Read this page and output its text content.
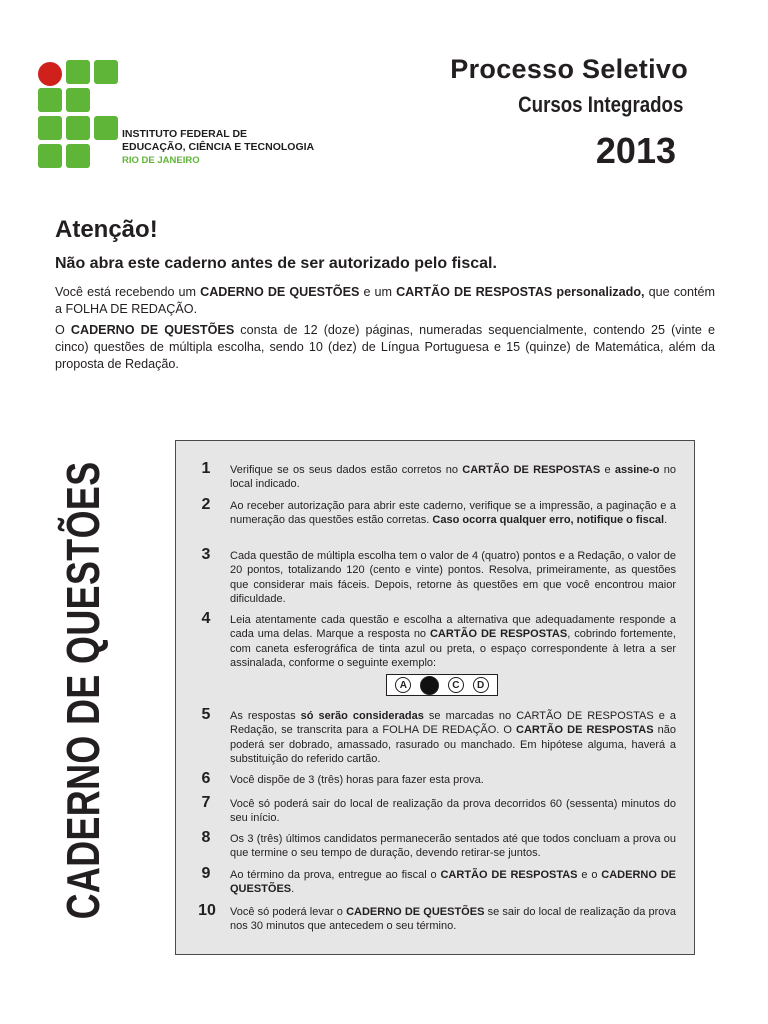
INSTITUTO FEDERAL DE
EDUCAÇÃO, CIÊNCIA E TECNOLOGIA
RIO DE JANEIRO
Processo Seletivo
Cursos Integrados
2013
Atenção!
Não abra este caderno antes de ser autorizado pelo fiscal.
Você está recebendo um CADERNO DE QUESTÕES e um CARTÃO DE RESPOSTAS personalizado, que contém a FOLHA DE REDAÇÃO.
O CADERNO DE QUESTÕES consta de 12 (doze) páginas, numeradas sequencialmente, contendo 25 (vinte e cinco) questões de múltipla escolha, sendo 10 (dez) de Língua Portuguesa e 15 (quinze) de Matemática, além da proposta de Redação.
CADERNO DE QUESTÕES	1	Verifique se os seus dados estão corretos no CARTÃO DE RESPOSTAS e assine-o no local indicado.
2	Ao receber autorização para abrir este caderno, verifique se a impressão, a paginação e a numeração das questões estão corretas. Caso ocorra qualquer erro, notifique o fiscal.
3	Cada questão de múltipla escolha tem o valor de 4 (quatro) pontos e a Redação, o valor de 20 pontos, totalizando 120 (cento e vinte) pontos. Resolva, primeiramente, as questões que considerar mais fáceis. Depois, retorne às questões em que você encontrou maior dificuldade.
4	Leia atentamente cada questão e escolha a alternativa que adequadamente responde a cada uma delas. Marque a resposta no CARTÃO DE RESPOSTAS, cobrindo fortemente, com caneta esferográfica de tinta azul ou preta, o espaço correspondente à letra a ser assinalada, conforme o seguinte exemplo:
A	C	D
5	As respostas só serão consideradas se marcadas no CARTÃO DE RESPOSTAS e a Redação, se transcrita para a FOLHA DE REDAÇÃO. O CARTÃO DE RESPOSTAS não poderá ser dobrado, amassado, rasurado ou manchado. Em hipótese alguma, haverá a substituição do referido cartão.
6	Você dispõe de 3 (três) horas para fazer esta prova.
7	Você só poderá sair do local de realização da prova decorridos 60 (sessenta) minutos do seu início.
8	Os 3 (três) últimos candidatos permanecerão sentados até que todos concluam a prova ou que termine o seu tempo de duração, devendo retirar-se juntos.
9	Ao término da prova, entregue ao fiscal o CARTÃO DE RESPOSTAS e o CADERNO DE QUESTÕES.
10	Você só poderá levar o CADERNO DE QUESTÕES se sair do local de realização da prova nos 30 minutos que antecedem o seu término.
